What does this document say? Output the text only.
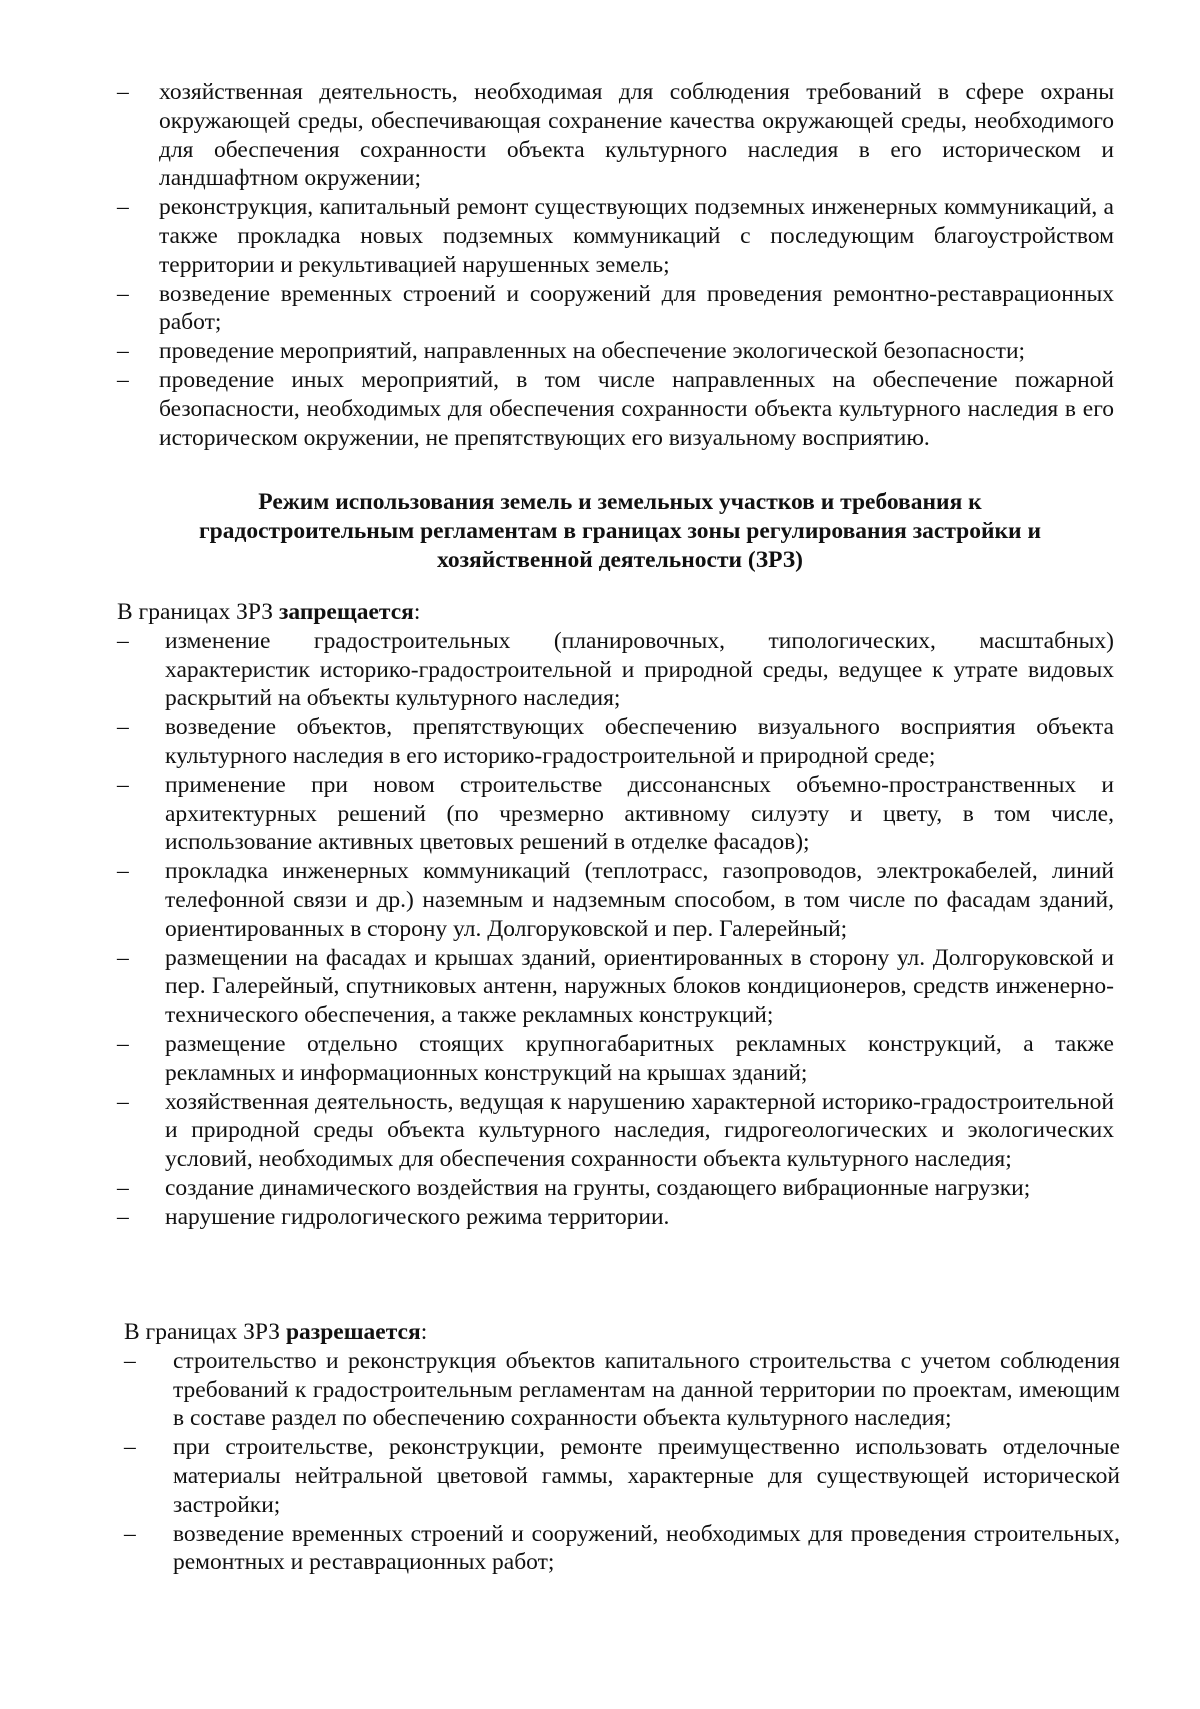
– хозяйственная деятельность, необходимая для соблюдения требований в сфере охраны окружающей среды, обеспечивающая сохранение качества окружающей среды, необходимого для обеспечения сохранности объекта культурного наследия в его историческом и ландшафтном окружении;
– реконструкция, капитальный ремонт существующих подземных инженерных коммуникаций, а также прокладка новых подземных коммуникаций с последующим благоустройством территории и рекультивацией нарушенных земель;
– возведение временных строений и сооружений для проведения ремонтно-реставрационных работ;
– проведение мероприятий, направленных на обеспечение экологической безопасности;
– проведение иных мероприятий, в том числе направленных на обеспечение пожарной безопасности, необходимых для обеспечения сохранности объекта культурного наследия в его историческом окружении, не препятствующих его визуальному восприятию.

Режим использования земель и земельных участков и требования к

градостроительным регламентам в границах зоны регулирования застройки и

хозяйственной деятельности (ЗРЗ)

В границах ЗРЗ запрещается:

– изменение градостроительных (планировочных, типологических, масштабных) характеристик историко-градостроительной и природной среды, ведущее к утрате видовых раскрытий на объекты культурного наследия;
– возведение объектов, препятствующих обеспечению визуального восприятия объекта культурного наследия в его историко-градостроительной и природной среде;
– применение при новом строительстве диссонансных объемно-пространственных и архитектурных решений (по чрезмерно активному силуэту и цвету, в том числе, использование активных цветовых решений в отделке фасадов);
– прокладка инженерных коммуникаций (теплотрасс, газопроводов, электрокабелей, линий телефонной связи и др.) наземным и надземным способом, в том числе по фасадам зданий, ориентированных в сторону ул. Долгоруковской и пер. Галерейный;
– размещении на фасадах и крышах зданий, ориентированных в сторону ул. Долгоруковской и пер. Галерейный, спутниковых антенн, наружных блоков кондиционеров, средств инженерно-технического обеспечения, а также рекламных конструкций;
– размещение отдельно стоящих крупногабаритных рекламных конструкций, а также рекламных и информационных конструкций на крышах зданий;
– хозяйственная деятельность, ведущая к нарушению характерной историко-градостроительной и природной среды объекта культурного наследия, гидрогеологических и экологических условий, необходимых для обеспечения сохранности объекта культурного наследия;
– создание динамического воздействия на грунты, создающего вибрационные нагрузки;
– нарушение гидрологического режима территории.

В границах ЗРЗ разрешается:

– строительство и реконструкция объектов капитального строительства с учетом соблюдения требований к градостроительным регламентам на данной территории по проектам, имеющим в составе раздел по обеспечению сохранности объекта культурного наследия;
– при строительстве, реконструкции, ремонте преимущественно использовать отделочные материалы нейтральной цветовой гаммы, характерные для существующей исторической застройки;
– возведение временных строений и сооружений, необходимых для проведения строительных, ремонтных и реставрационных работ;
